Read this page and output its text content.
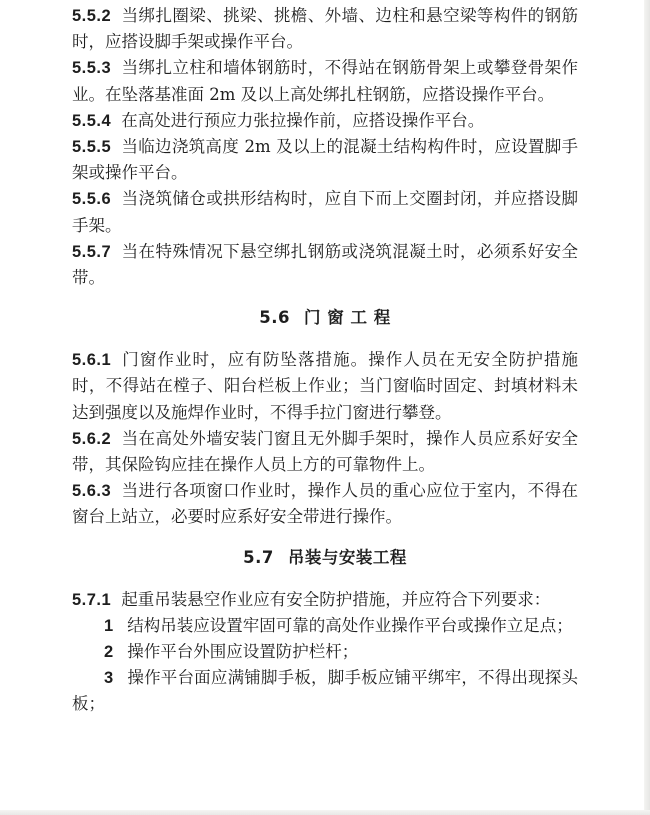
5.5.2 当绑扎圈梁、挑梁、挑檐、外墙、边柱和悬空梁等构件的钢筋时，应搭设脚手架或操作平台。

5.5.3 当绑扎立柱和墙体钢筋时，不得站在钢筋骨架上或攀登骨架作业。在坠落基准面 2m 及以上高处绑扎柱钢筋，应搭设操作平台。

5.5.4 在高处进行预应力张拉操作前，应搭设操作平台。

5.5.5 当临边浇筑高度 2m 及以上的混凝土结构构件时，应设置脚手架或操作平台。

5.5.6 当浇筑储仓或拱形结构时，应自下而上交圈封闭，并应搭设脚手架。

5.5.7 当在特殊情况下悬空绑扎钢筋或浇筑混凝土时，必须系好安全带。

5.6 门 窗 工 程

5.6.1 门窗作业时，应有防坠落措施。操作人员在无安全防护措施时，不得站在樘子、阳台栏板上作业；当门窗临时固定、封填材料未达到强度以及施焊作业时，不得手拉门窗进行攀登。

5.6.2 当在高处外墙安装门窗且无外脚手架时，操作人员应系好安全带，其保险钩应挂在操作人员上方的可靠物件上。

5.6.3 当进行各项窗口作业时，操作人员的重心应位于室内，不得在窗台上站立，必要时应系好安全带进行操作。

5.7 吊装与安装工程

5.7.1 起重吊装悬空作业应有安全防护措施，并应符合下列要求：

1 结构吊装应设置牢固可靠的高处作业操作平台或操作立足点；

2 操作平台外围应设置防护栏杆；

3 操作平台面应满铺脚手板，脚手板应铺平绑牢，不得出现探头板；
